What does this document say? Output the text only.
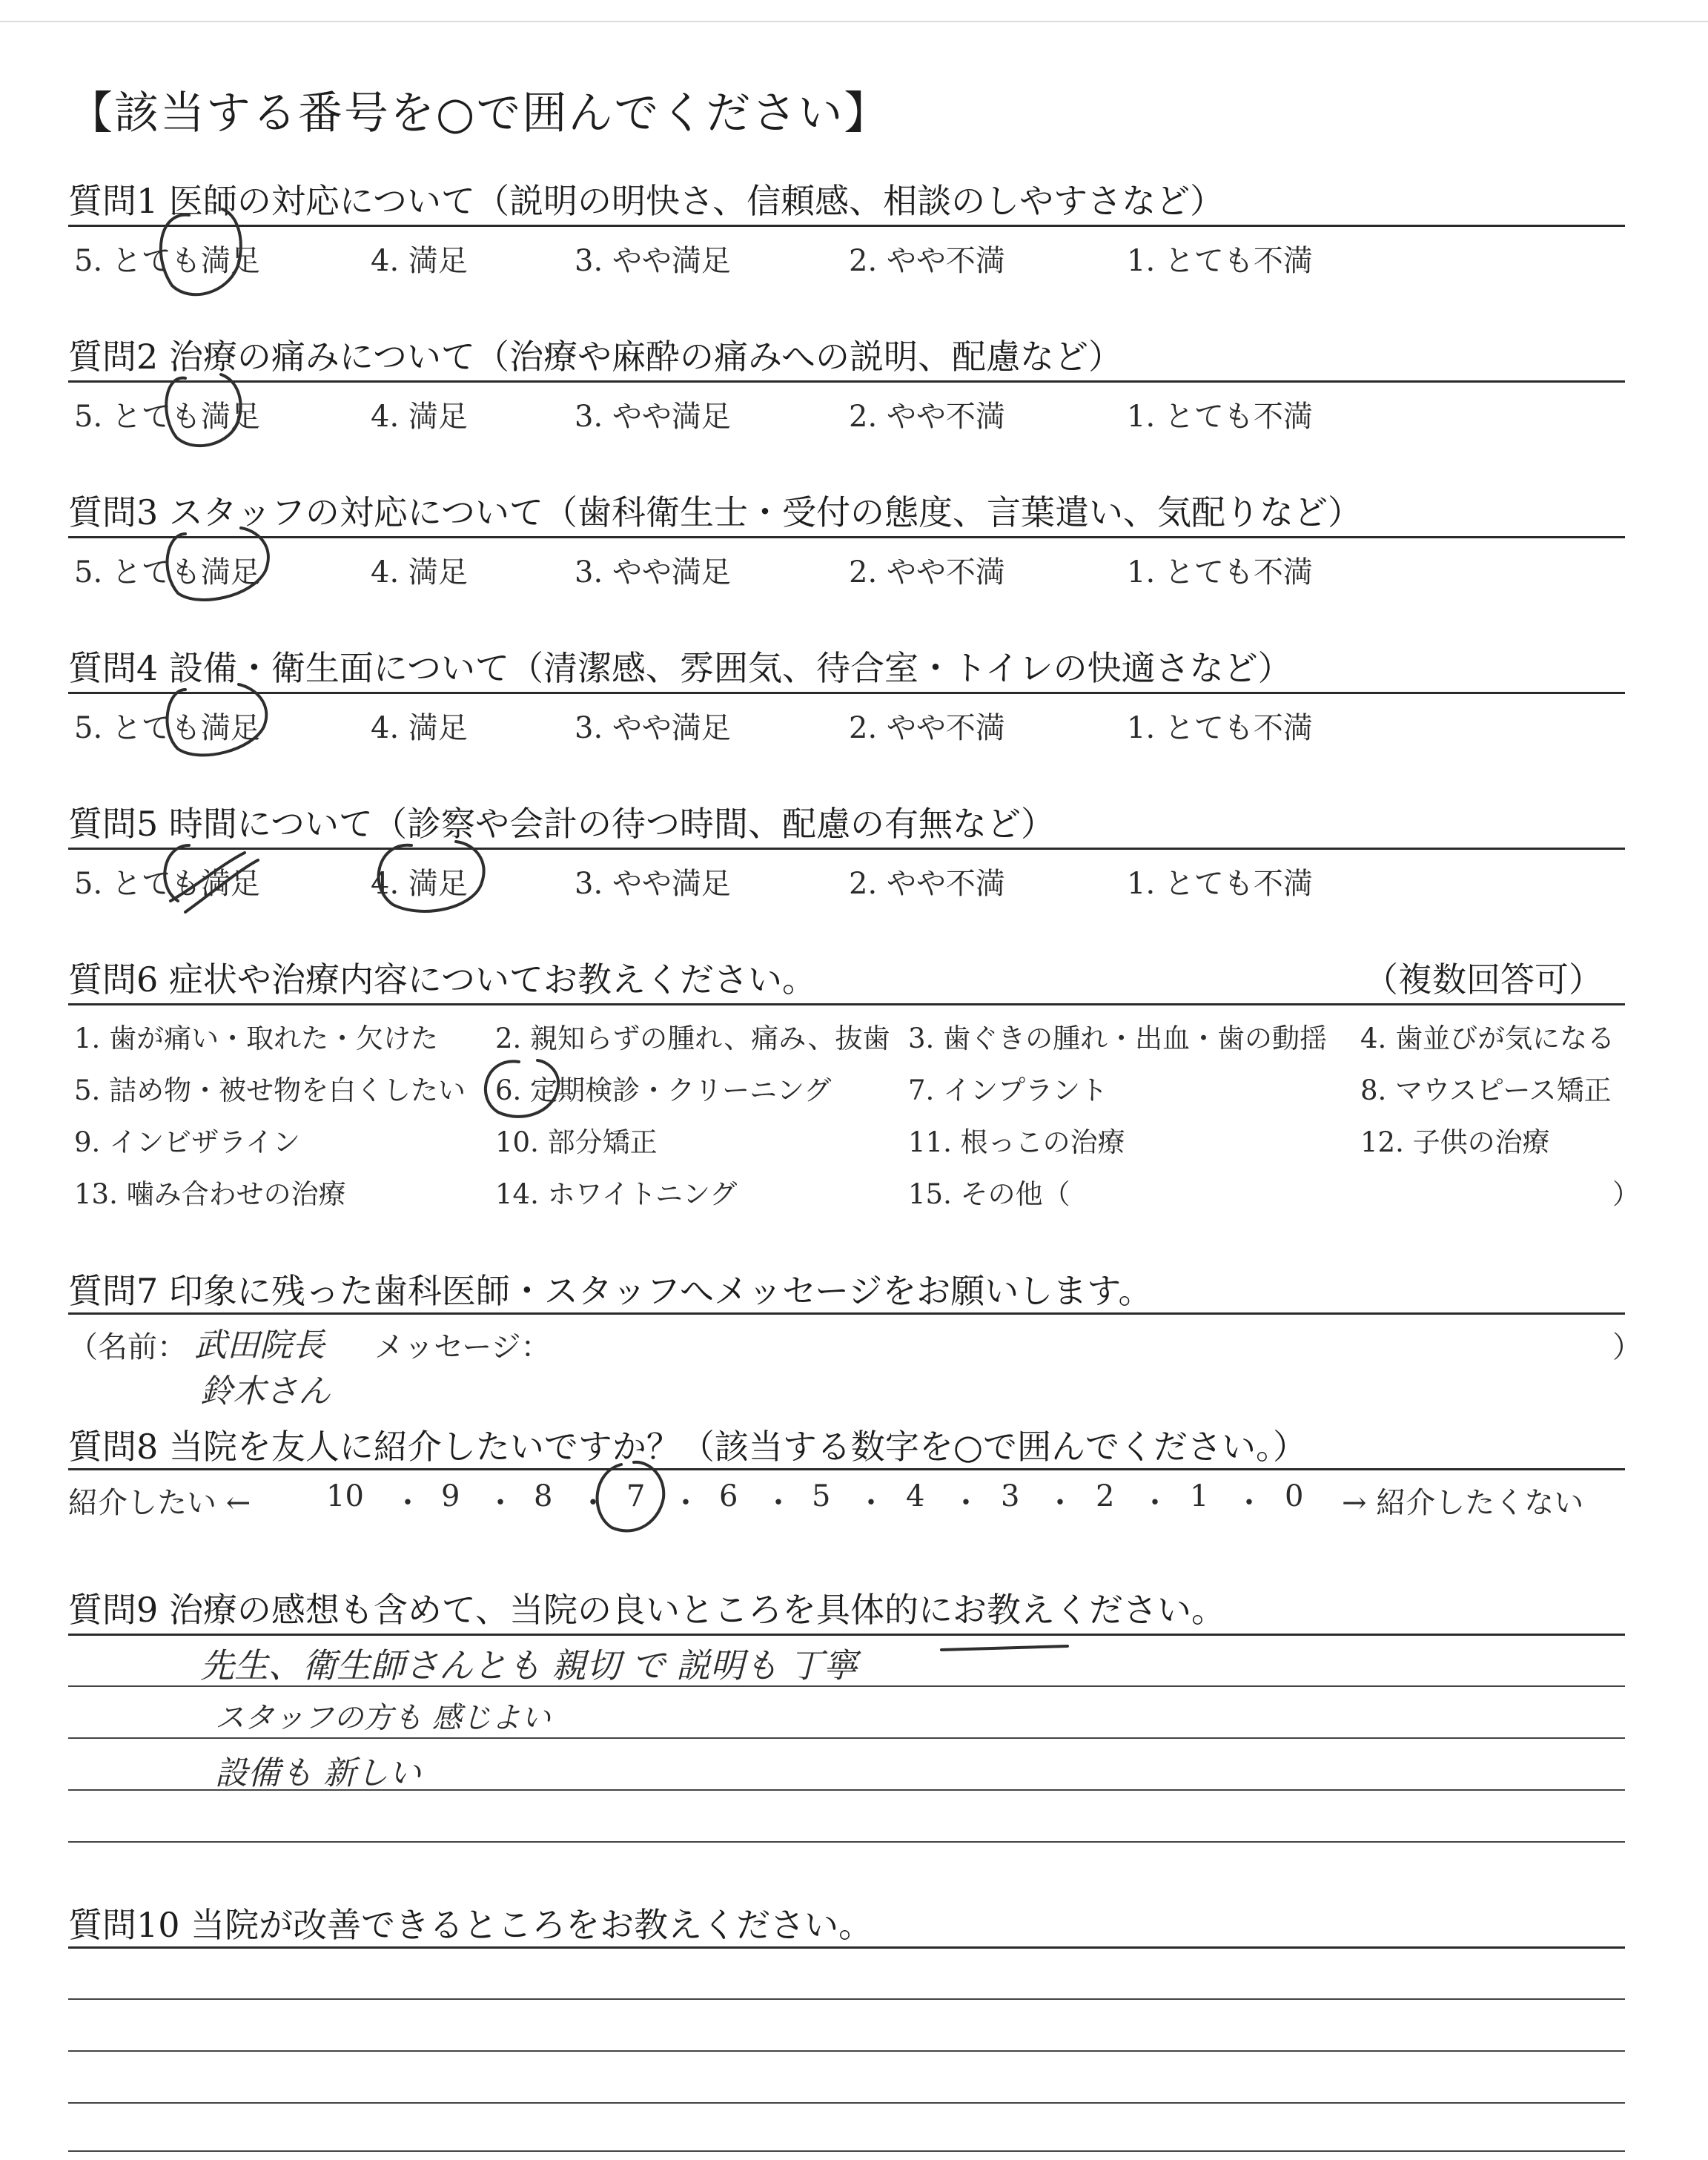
【該当する番号を○で囲んでください】
質問1 医師の対応について（説明の明快さ、信頼感、相談のしやすさなど）
5. とても満足	4. 満足	3. やや満足	2. やや不満	1. とても不満
質問2 治療の痛みについて（治療や麻酔の痛みへの説明、配慮など）
5. とても満足	4. 満足	3. やや満足	2. やや不満	1. とても不満
質問3 スタッフの対応について（歯科衛生士・受付の態度、言葉遣い、気配りなど）
5. とても満足	4. 満足	3. やや満足	2. やや不満	1. とても不満
質問4 設備・衛生面について（清潔感、雰囲気、待合室・トイレの快適さなど）
5. とても満足	4. 満足	3. やや満足	2. やや不満	1. とても不満
質問5 時間について（診察や会計の待つ時間、配慮の有無など）
5. とても満足	4. 満足	3. やや満足	2. やや不満	1. とても不満
質問6 症状や治療内容についてお教えください。	（複数回答可）
1. 歯が痛い・取れた・欠けた 2. 親知らずの腫れ、痛み、抜歯 3. 歯ぐきの腫れ・出血・歯の動揺 4. 歯並びが気になる
5. 詰め物・被せ物を白くしたい 6. 定期検診・クリーニング	7. インプラント	8. マウスピース矯正
9. インビザライン	10. 部分矯正	11. 根っこの治療	12. 子供の治療
13. 噛み合わせの治療	14. ホワイトニング	15. その他（	）
質問7 印象に残った歯科医師・スタッフへメッセージをお願いします。
（名前： 武田院長 メッセージ：	）
鈴木さん
質問8 当院を友人に紹介したいですか？（該当する数字を○で囲んでください。）
紹介したい ←	10 ・ 9 ・ 8 ・ 7 ・ 6 ・ 5 ・ 4 ・ 3 ・ 2 ・ 1 ・ 0 → 紹介したくない
質問9 治療の感想も含めて、当院の良いところを具体的にお教えください。
先生、衛生師さんとも 親切 で 説明も 丁寧
スタッフの方も 感じよい
設備も 新しい
質問10 当院が改善できるところをお教えください。
